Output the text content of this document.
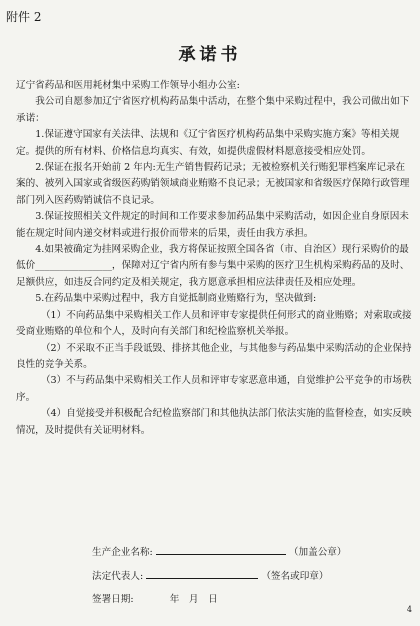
附件 2
承诺书

辽宁省药品和医用耗材集中采购工作领导小组办公室:

我公司自愿参加辽宁省医疗机构药品集中活动，在整个集中采购过程中，我公司做出如下承诺：

1.保证遵守国家有关法律、法规和《辽宁省医疗机构药品集中采购实施方案》等相关规定。提供的所有材料、价格信息均真实、有效，如提供虚假材料愿意接受相应处罚。

2.保证在报名开始前 2 年内:无生产销售假药记录；无被检察机关行贿犯罪档案库记录在案的、被列入国家或省级医药购销领域商业贿赂不良记录；无被国家和省级医疗保障行政管理部门列入医药购销诚信不良记录。

3.保证按照相关文件规定的时间和工作要求参加药品集中采购活动，如因企业自身原因未能在规定时间内递交材料或进行报价而带来的后果，责任由我方承担。

4.如果被确定为挂网采购企业，我方将保证按照全国各省（市、自治区）现行采购价的最低价________________，保障对辽宁省内所有参与集中采购的医疗卫生机构采购药品的及时、足额供应，如违反合同约定及相关规定，我方愿意承担相应法律责任及相应处理。

5.在药品集中采购过程中，我方自觉抵制商业贿赂行为，坚决做到:

（1）不向药品集中采购相关工作人员和评审专家提供任何形式的商业贿赂；对索取或接受商业贿赂的单位和个人，及时向有关部门和纪检监察机关举报。

（2）不采取不正当手段诋毁、排挤其他企业，与其他参与药品集中采购活动的企业保持良性的竞争关系。

（3）不与药品集中采购相关工作人员和评审专家恶意串通，自觉维护公平竞争的市场秩序。

（4）自觉接受并积极配合纪检监察部门和其他执法部门依法实施的监督检查，如实反映情况，及时提供有关证明材料。

生产企业名称:	（加盖公章）
法定代表人:	（签名或印章）
签署日期:	年　月　日
4
